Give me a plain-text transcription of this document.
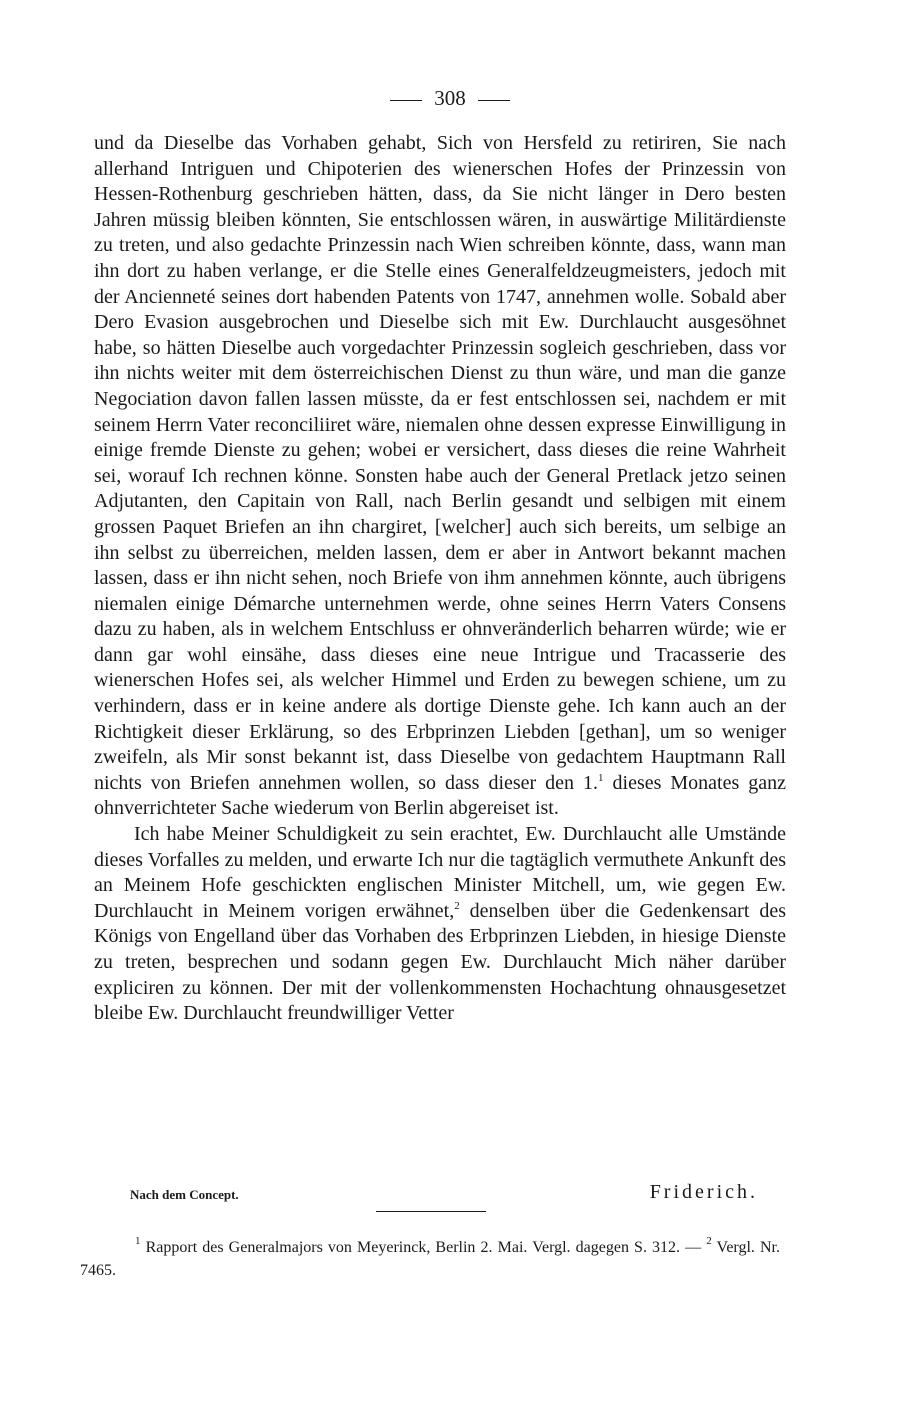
308

und da Dieselbe das Vorhaben gehabt, Sich von Hersfeld zu retiriren, Sie nach allerhand Intriguen und Chipoterien des wienerschen Hofes der Prinzessin von Hessen-Rothenburg geschrieben hätten, dass, da Sie nicht länger in Dero besten Jahren müssig bleiben könnten, Sie entschlossen wären, in auswärtige Militärdienste zu treten, und also gedachte Prinzessin nach Wien schreiben könnte, dass, wann man ihn dort zu haben verlange, er die Stelle eines Generalfeldzeugmeisters, jedoch mit der Ancienneté seines dort habenden Patents von 1747, annehmen wolle. Sobald aber Dero Evasion ausgebrochen und Dieselbe sich mit Ew. Durchlaucht ausgesöhnet habe, so hätten Dieselbe auch vorgedachter Prinzessin sogleich geschrieben, dass vor ihn nichts weiter mit dem österreichischen Dienst zu thun wäre, und man die ganze Negociation davon fallen lassen müsste, da er fest entschlossen sei, nachdem er mit seinem Herrn Vater reconciliiret wäre, niemalen ohne dessen expresse Einwilligung in einige fremde Dienste zu gehen; wobei er versichert, dass dieses die reine Wahrheit sei, worauf Ich rechnen könne. Sonsten habe auch der General Pretlack jetzo seinen Adjutanten, den Capitain von Rall, nach Berlin gesandt und selbigen mit einem grossen Paquet Briefen an ihn chargiret, [welcher] auch sich bereits, um selbige an ihn selbst zu überreichen, melden lassen, dem er aber in Antwort bekannt machen lassen, dass er ihn nicht sehen, noch Briefe von ihm annehmen könnte, auch übrigens niemalen einige Démarche unternehmen werde, ohne seines Herrn Vaters Consens dazu zu haben, als in welchem Entschluss er ohnveränderlich beharren würde; wie er dann gar wohl einsähe, dass dieses eine neue Intrigue und Tracasserie des wienerschen Hofes sei, als welcher Himmel und Erden zu bewegen schiene, um zu verhindern, dass er in keine andere als dortige Dienste gehe. Ich kann auch an der Richtigkeit dieser Erklärung, so des Erbprinzen Liebden [gethan], um so weniger zweifeln, als Mir sonst bekannt ist, dass Dieselbe von gedachtem Hauptmann Rall nichts von Briefen annehmen wollen, so dass dieser den 1.$^1$ dieses Monates ganz ohnverrichteter Sache wiederum von Berlin abgereiset ist.

Ich habe Meiner Schuldigkeit zu sein erachtet, Ew. Durchlaucht alle Umstände dieses Vorfalles zu melden, und erwarte Ich nur die tagtäglich vermuthete Ankunft des an Meinem Hofe geschickten englischen Minister Mitchell, um, wie gegen Ew. Durchlaucht in Meinem vorigen erwähnet,$^2$ denselben über die Gedenkensart des Königs von Engelland über das Vorhaben des Erbprinzen Liebden, in hiesige Dienste zu treten, besprechen und sodann gegen Ew. Durchlaucht Mich näher darüber expliciren zu können. Der mit der vollenkommensten Hochachtung ohnausgesetzet bleibe Ew. Durchlaucht freundwilliger Vetter

Nach dem Concept.	Friderich.

$^1$ Rapport des Generalmajors von Meyerinck, Berlin 2. Mai. Vergl. dagegen S. 312. — $^2$ Vergl. Nr. 7465.
